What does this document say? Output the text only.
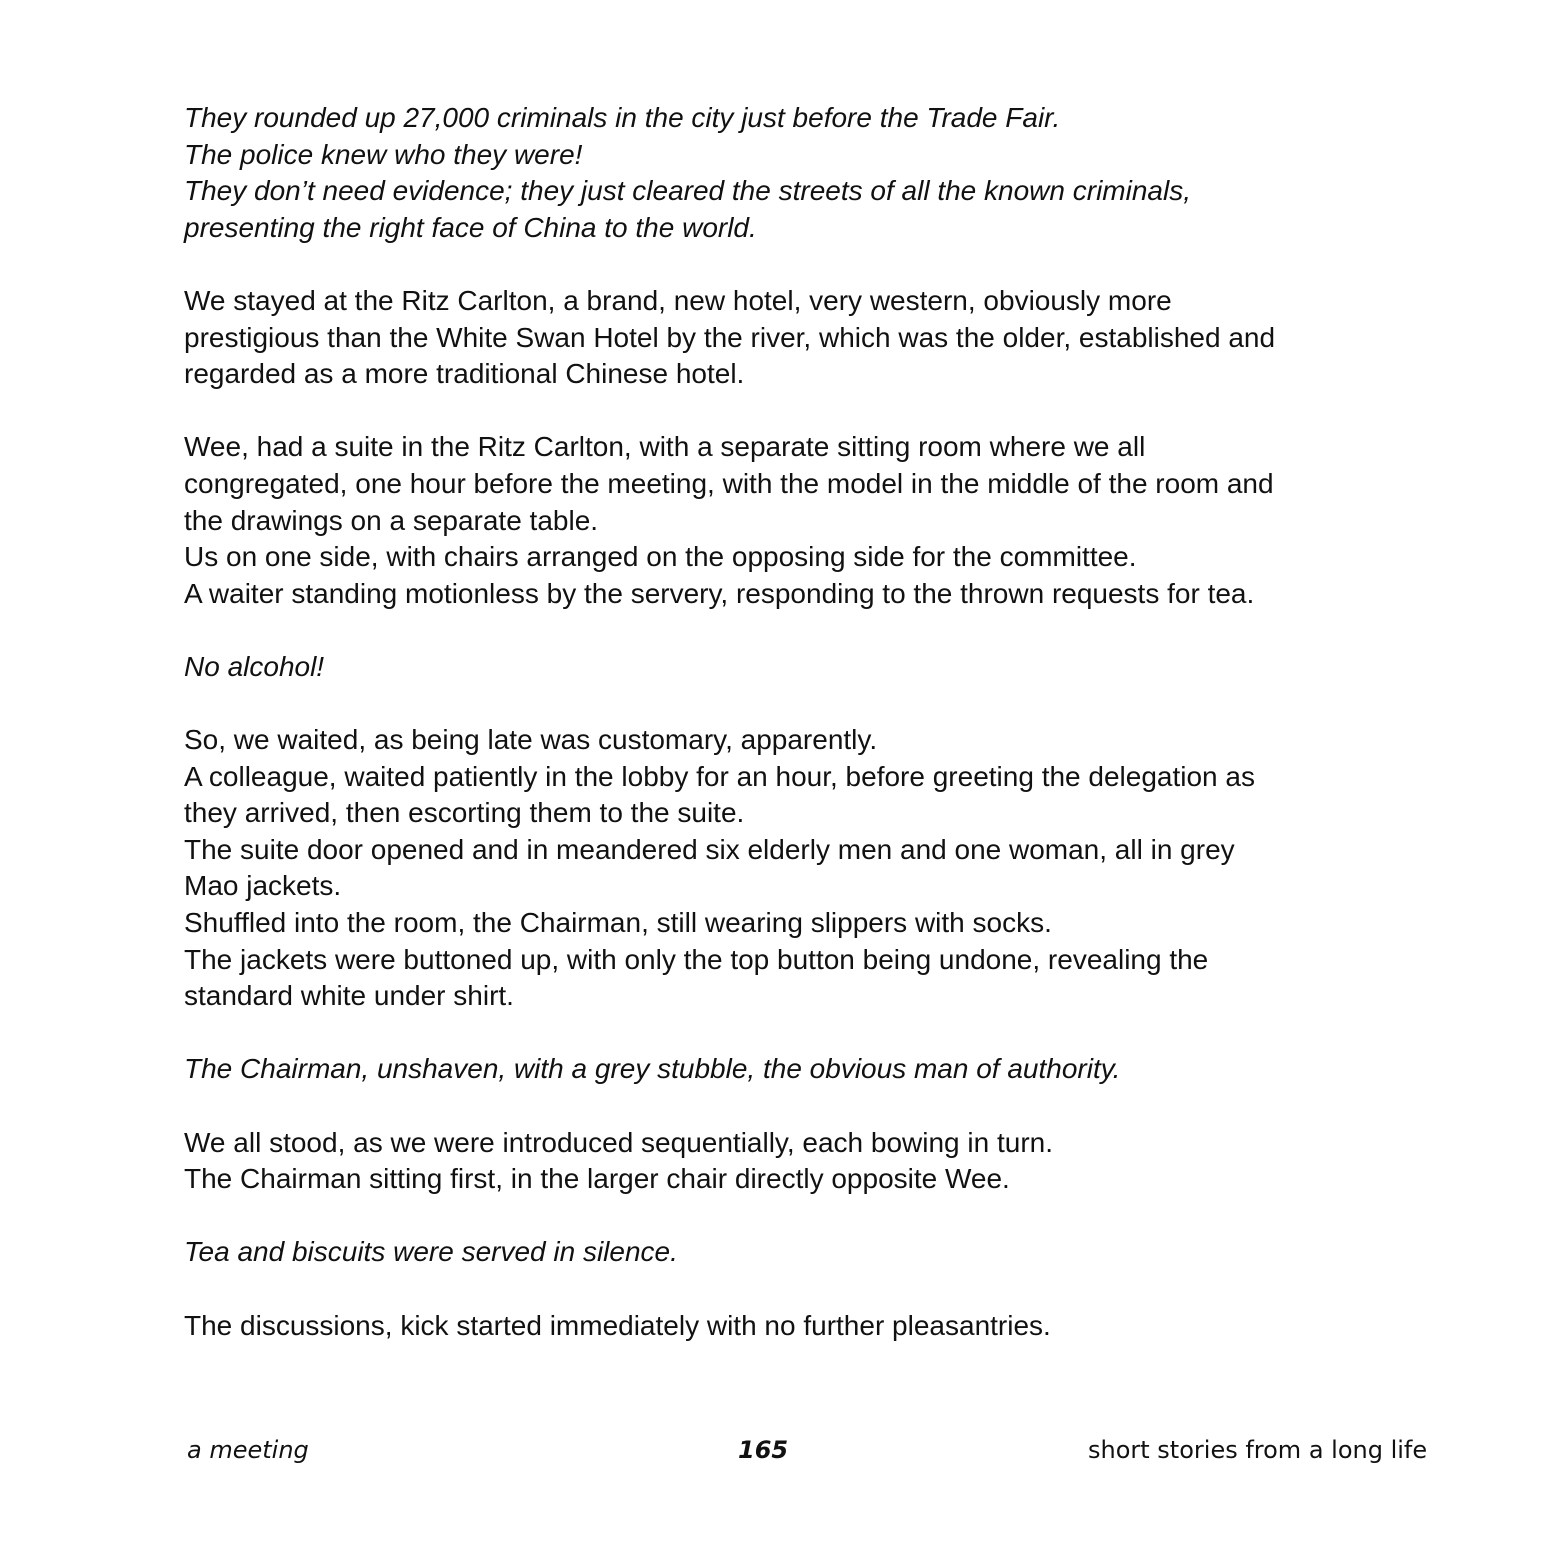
They rounded up 27,000 criminals in the city just before the Trade Fair.
The police knew who they were!
They don’t need evidence; they just cleared the streets of all the known criminals,
presenting the right face of China to the world.
We stayed at the Ritz Carlton, a brand, new hotel, very western, obviously more
prestigious than the White Swan Hotel by the river, which was the older, established and
regarded as a more traditional Chinese hotel.
Wee, had a suite in the Ritz Carlton, with a separate sitting room where we all
congregated, one hour before the meeting, with the model in the middle of the room and
the drawings on a separate table.
Us on one side, with chairs arranged on the opposing side for the committee.
A waiter standing motionless by the servery, responding to the thrown requests for tea.
No alcohol!
So, we waited, as being late was customary, apparently.
A colleague, waited patiently in the lobby for an hour, before greeting the delegation as
they arrived, then escorting them to the suite.
The suite door opened and in meandered six elderly men and one woman, all in grey
Mao jackets.
Shuffled into the room, the Chairman, still wearing slippers with socks.
The jackets were buttoned up, with only the top button being undone, revealing the
standard white under shirt.
The Chairman, unshaven, with a grey stubble, the obvious man of authority.
We all stood, as we were introduced sequentially, each bowing in turn.
The Chairman sitting first, in the larger chair directly opposite Wee.
Tea and biscuits were served in silence.
The discussions, kick started immediately with no further pleasantries.
a meeting	165	short stories from a long life
